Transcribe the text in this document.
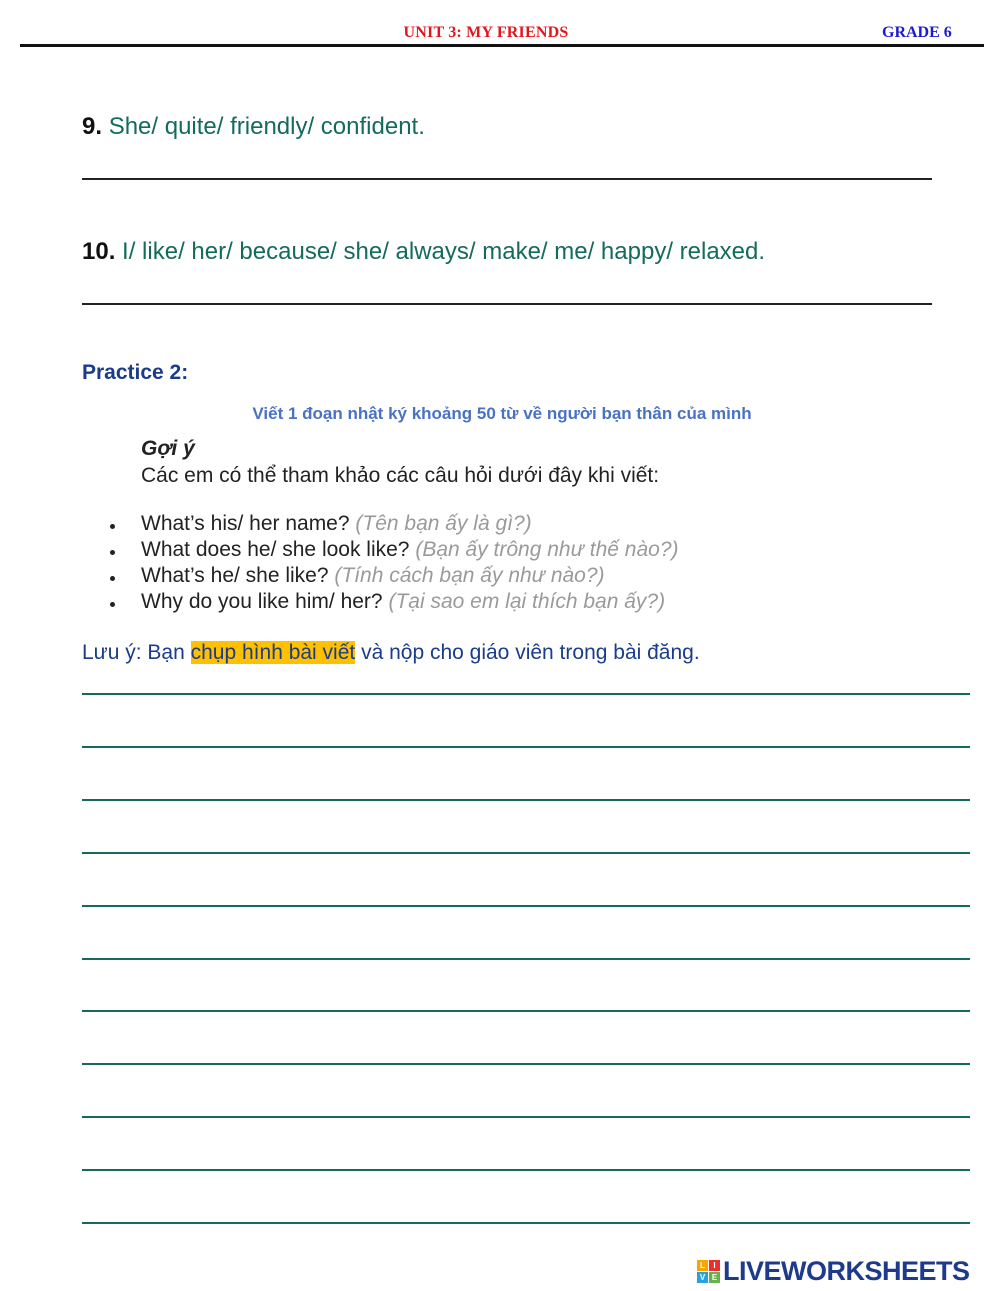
UNIT 3: MY FRIENDS	GRADE 6
9. She/ quite/ friendly/ confident.
10. I/ like/ her/ because/ she/ always/ make/ me/ happy/ relaxed.
Practice 2:
Viết 1 đoạn nhật ký khoảng 50 từ về người bạn thân của mình
Gợi ý
Các em có thể tham khảo các câu hỏi dưới đây khi viết:
What’s his/ her name? (Tên bạn ấy là gì?)
What does he/ she look like? (Bạn ấy trông như thế nào?)
What’s he/ she like? (Tính cách bạn ấy như nào?)
Why do you like him/ her? (Tại sao em lại thích bạn ấy?)
Lưu ý: Bạn chụp hình bài viết và nộp cho giáo viên trong bài đăng.
L	I
V E LIVEWORKSHEETS
